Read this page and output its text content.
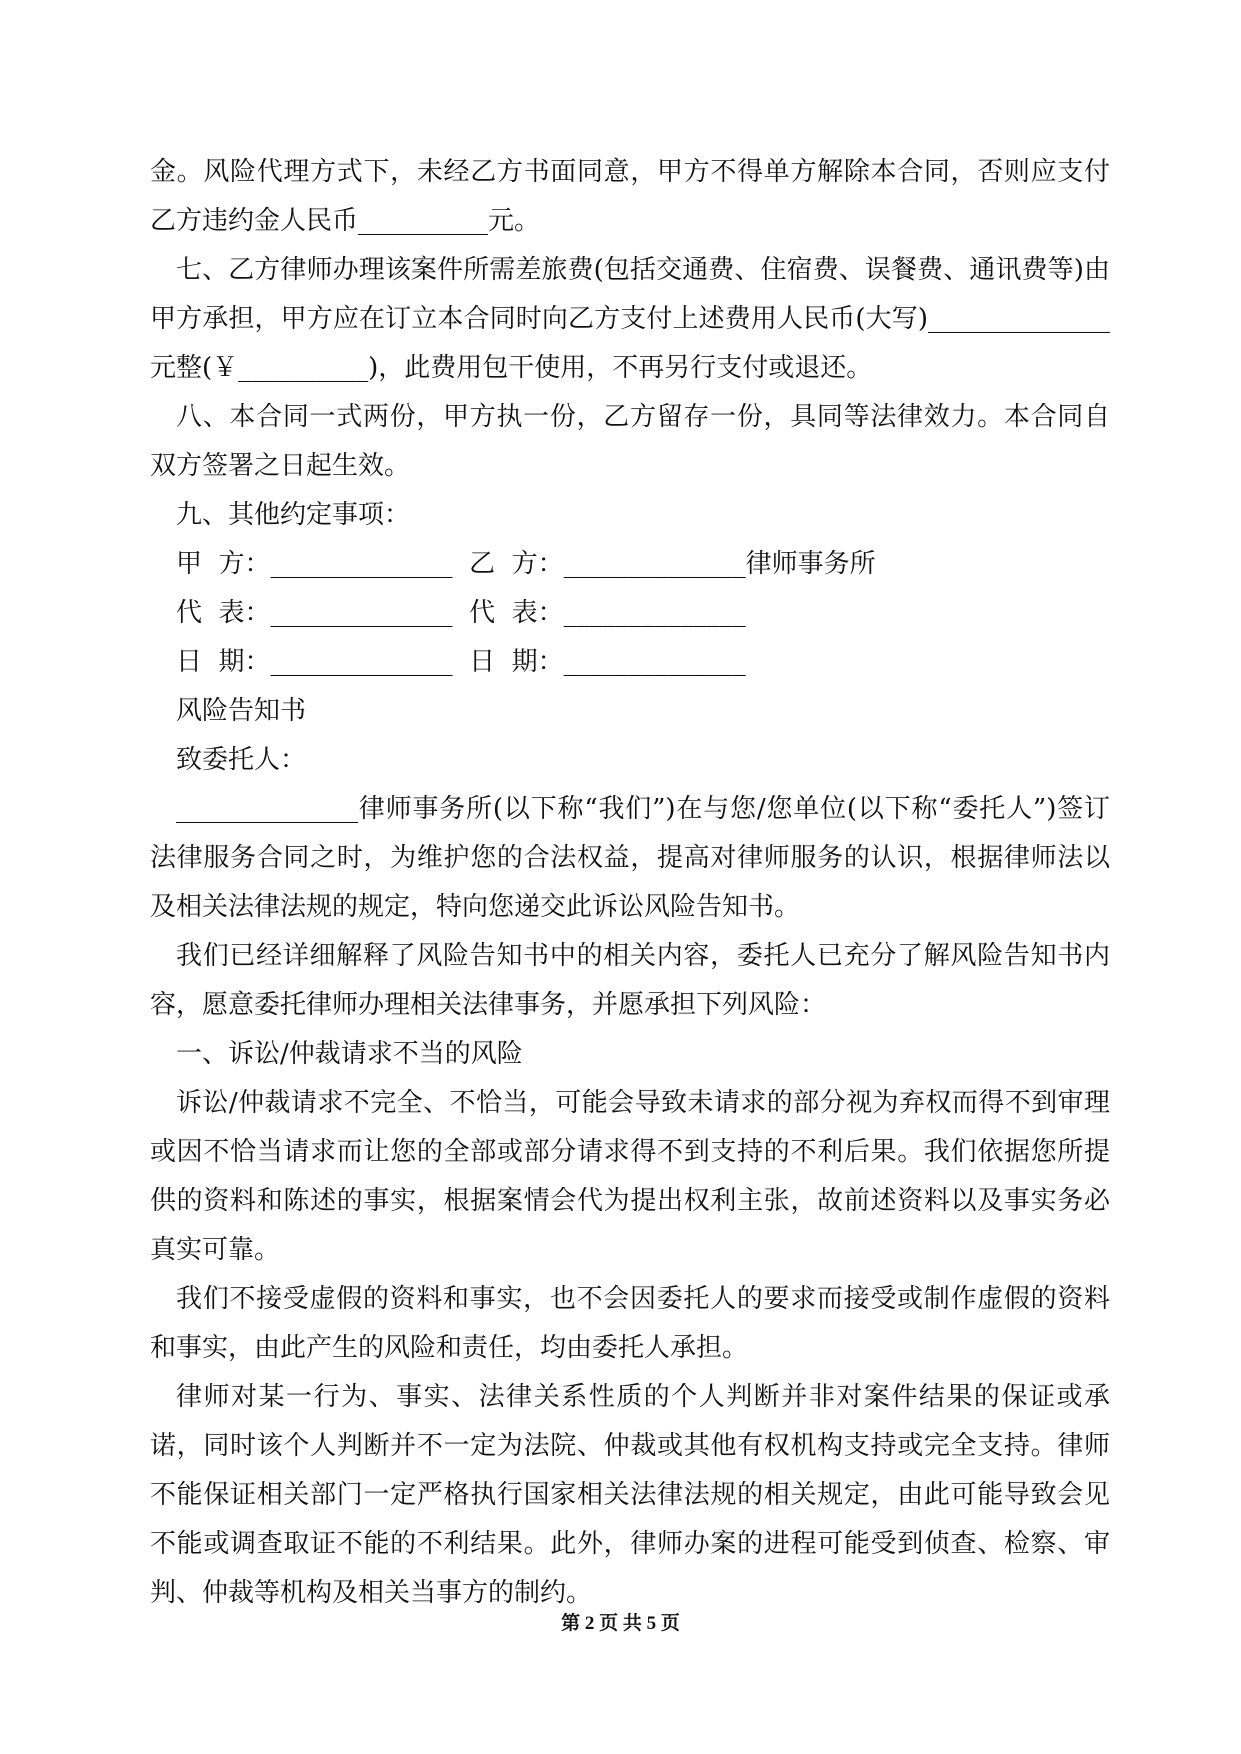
金。风险代理方式下，未经乙方书面同意，甲方不得单方解除本合同，否则应支付乙方违约金人民币__________元。

七、乙方律师办理该案件所需差旅费(包括交通费、住宿费、误餐费、通讯费等)由甲方承担，甲方应在订立本合同时向乙方支付上述费用人民币(大写)______________元整(￥__________)，此费用包干使用，不再另行支付或退还。

八、本合同一式两份，甲方执一份，乙方留存一份，具同等法律效力。本合同自双方签署之日起生效。

九、其他约定事项：

甲  方：______________ 乙  方：______________律师事务所
代  表：______________ 代  表：______________
日  期：______________ 日  期：______________

风险告知书

致委托人：

______________律师事务所(以下称“我们”)在与您/您单位(以下称“委托人”)签订法律服务合同之时，为维护您的合法权益，提高对律师服务的认识，根据律师法以及相关法律法规的规定，特向您递交此诉讼风险告知书。

我们已经详细解释了风险告知书中的相关内容，委托人已充分了解风险告知书内容，愿意委托律师办理相关法律事务，并愿承担下列风险：

一、诉讼/仲裁请求不当的风险

诉讼/仲裁请求不完全、不恰当，可能会导致未请求的部分视为弃权而得不到审理或因不恰当请求而让您的全部或部分请求得不到支持的不利后果。我们依据您所提供的资料和陈述的事实，根据案情会代为提出权利主张，故前述资料以及事实务必真实可靠。

我们不接受虚假的资料和事实，也不会因委托人的要求而接受或制作虚假的资料和事实，由此产生的风险和责任，均由委托人承担。

律师对某一行为、事实、法律关系性质的个人判断并非对案件结果的保证或承诺，同时该个人判断并不一定为法院、仲裁或其他有权机构支持或完全支持。律师不能保证相关部门一定严格执行国家相关法律法规的相关规定，由此可能导致会见不能或调查取证不能的不利结果。此外，律师办案的进程可能受到侦查、检察、审判、仲裁等机构及相关当事方的制约。

第 2 页 共 5 页
